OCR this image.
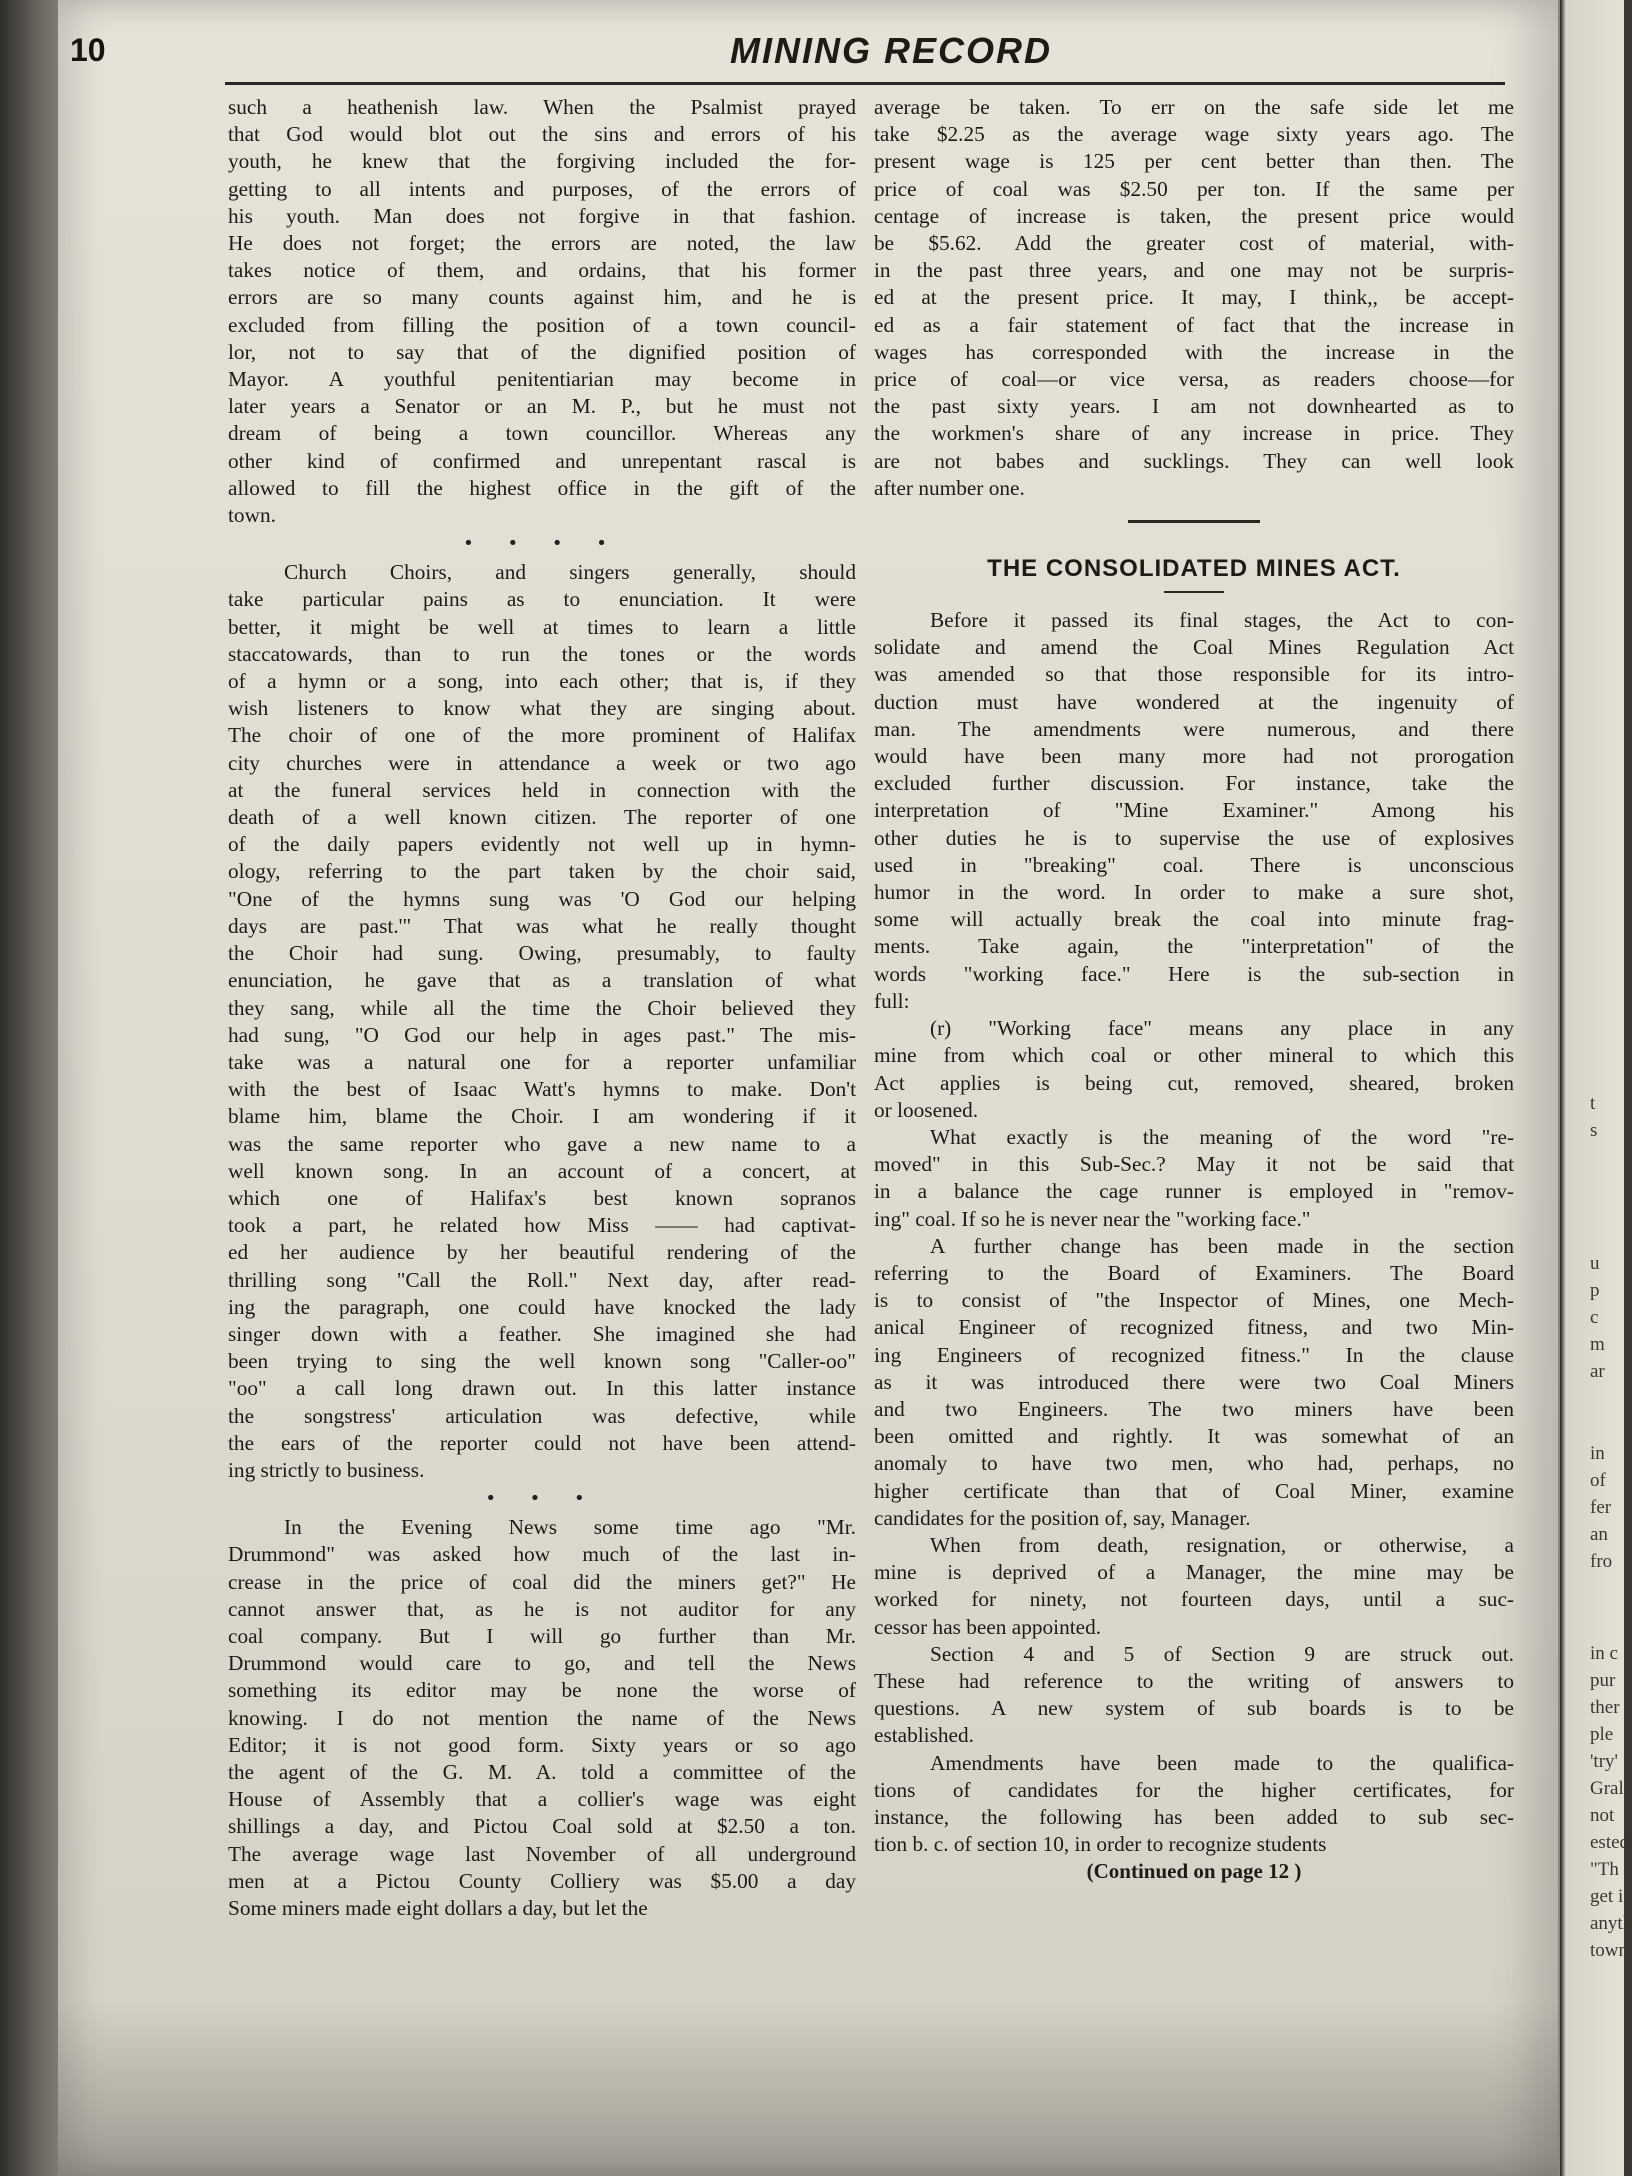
t
s
u
p
c
m
ar
in
of
fer
an
fro
in c
pur
ther
ple
'try'
Gral
not
ested
"Th
get i
anyth
town
10	MINING RECORD

such a heathenish law. When the Psalmist prayed
that God would blot out the sins and errors of his
youth, he knew that the forgiving included the for-
getting to all intents and purposes, of the errors of
his youth. Man does not forgive in that fashion.
He does not forget; the errors are noted, the law
takes notice of them, and ordains, that his former
errors are so many counts against him, and he is
excluded from filling the position of a town council-
lor, not to say that of the dignified position of
Mayor. A youthful penitentiarian may become in
later years a Senator or an M. P., but he must not
dream of being a town councillor. Whereas any
other kind of confirmed and unrepentant rascal is
allowed to fill the highest office in the gift of the
town.

• • • •

Church Choirs, and singers generally, should
take particular pains as to enunciation. It were
better, it might be well at times to learn a little
staccatowards, than to run the tones or the words
of a hymn or a song, into each other; that is, if they
wish listeners to know what they are singing about.
The choir of one of the more prominent of Halifax
city churches were in attendance a week or two ago
at the funeral services held in connection with the
death of a well known citizen. The reporter of one
of the daily papers evidently not well up in hymn-
ology, referring to the part taken by the choir said,
"One of the hymns sung was 'O God our helping
days are past.'" That was what he really thought
the Choir had sung. Owing, presumably, to faulty
enunciation, he gave that as a translation of what
they sang, while all the time the Choir believed they
had sung, "O God our help in ages past." The mis-
take was a natural one for a reporter unfamiliar
with the best of Isaac Watt's hymns to make. Don't
blame him, blame the Choir. I am wondering if it
was the same reporter who gave a new name to a
well known song. In an account of a concert, at
which one of Halifax's best known sopranos
took a part, he related how Miss —— had captivat-
ed her audience by her beautiful rendering of the
thrilling song "Call the Roll." Next day, after read-
ing the paragraph, one could have knocked the lady
singer down with a feather. She imagined she had
been trying to sing the well known song "Caller-oo"
"oo" a call long drawn out. In this latter instance
the songstress' articulation was defective, while
the ears of the reporter could not have been attend-
ing strictly to business.

• • •

In the Evening News some time ago "Mr.
Drummond" was asked how much of the last in-
crease in the price of coal did the miners get?" He
cannot answer that, as he is not auditor for any
coal company. But I will go further than Mr.
Drummond would care to go, and tell the News
something its editor may be none the worse of
knowing. I do not mention the name of the News
Editor; it is not good form. Sixty years or so ago
the agent of the G. M. A. told a committee of the
House of Assembly that a collier's wage was eight
shillings a day, and Pictou Coal sold at $2.50 a ton.
The average wage last November of all underground
men at a Pictou County Colliery was $5.00 a day
Some miners made eight dollars a day, but let the

average be taken. To err on the safe side let me
take $2.25 as the average wage sixty years ago. The
present wage is 125 per cent better than then. The
price of coal was $2.50 per ton. If the same per
centage of increase is taken, the present price would
be $5.62. Add the greater cost of material, with-
in the past three years, and one may not be surpris-
ed at the present price. It may, I think,, be accept-
ed as a fair statement of fact that the increase in
wages has corresponded with the increase in the
price of coal—or vice versa, as readers choose—for
the past sixty years. I am not downhearted as to
the workmen's share of any increase in price. They
are not babes and sucklings. They can well look
after number one.

THE CONSOLIDATED MINES ACT.

Before it passed its final stages, the Act to con-
solidate and amend the Coal Mines Regulation Act
was amended so that those responsible for its intro-
duction must have wondered at the ingenuity of
man. The amendments were numerous, and there
would have been many more had not prorogation
excluded further discussion. For instance, take the
interpretation of "Mine Examiner." Among his
other duties he is to supervise the use of explosives
used in "breaking" coal. There is unconscious
humor in the word. In order to make a sure shot,
some will actually break the coal into minute frag-
ments. Take again, the "interpretation" of the
words "working face." Here is the sub-section in
full:

(r) "Working face" means any place in any
mine from which coal or other mineral to which this
Act applies is being cut, removed, sheared, broken
or loosened.

What exactly is the meaning of the word "re-
moved" in this Sub-Sec.? May it not be said that
in a balance the cage runner is employed in "remov-
ing" coal. If so he is never near the "working face."

A further change has been made in the section
referring to the Board of Examiners. The Board
is to consist of "the Inspector of Mines, one Mech-
anical Engineer of recognized fitness, and two Min-
ing Engineers of recognized fitness." In the clause
as it was introduced there were two Coal Miners
and two Engineers. The two miners have been
been omitted and rightly. It was somewhat of an
anomaly to have two men, who had, perhaps, no
higher certificate than that of Coal Miner, examine
candidates for the position of, say, Manager.

When from death, resignation, or otherwise, a
mine is deprived of a Manager, the mine may be
worked for ninety, not fourteen days, until a suc-
cessor has been appointed.

Section 4 and 5 of Section 9 are struck out.
These had reference to the writing of answers to
questions. A new system of sub boards is to be
established.

Amendments have been made to the qualifica-
tions of candidates for the higher certificates, for
instance, the following has been added to sub sec-
tion b. c. of section 10, in order to recognize students

(Continued on page 12 )
